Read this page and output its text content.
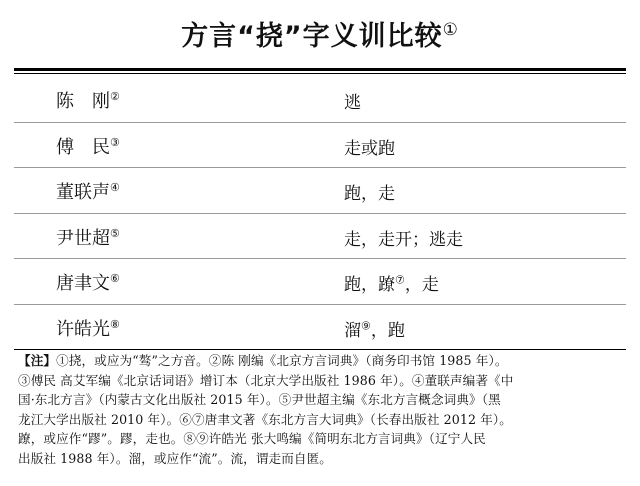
方言“挠”字义训比较①
陈　刚②	逃
傅　民③	走或跑
董联声④	跑，走
尹世超⑤	走，走开；逃走
唐聿文⑥	跑，蹽⑦，走
许皓光⑧	溜⑨，跑
【注】①挠，或应为“骜”之方音。②陈 刚编《北京方言词典》（商务印书馆 1985 年）。
③傅民 高艾军编《北京话词语》增订本（北京大学出版社 1986 年）。④董联声编著《中
国·东北方言》（内蒙古文化出版社 2015 年）。⑤尹世超主编《东北方言概念词典》（黑
龙江大学出版社 2010 年）。⑥⑦唐聿文著《东北方言大词典》（长春出版社 2012 年）。
蹽，或应作“蹘”。蹘，走也。⑧⑨许皓光 张大鸣编《简明东北方言词典》（辽宁人民
出版社 1988 年）。溜，或应作“流”。流，谓走而自匿。
